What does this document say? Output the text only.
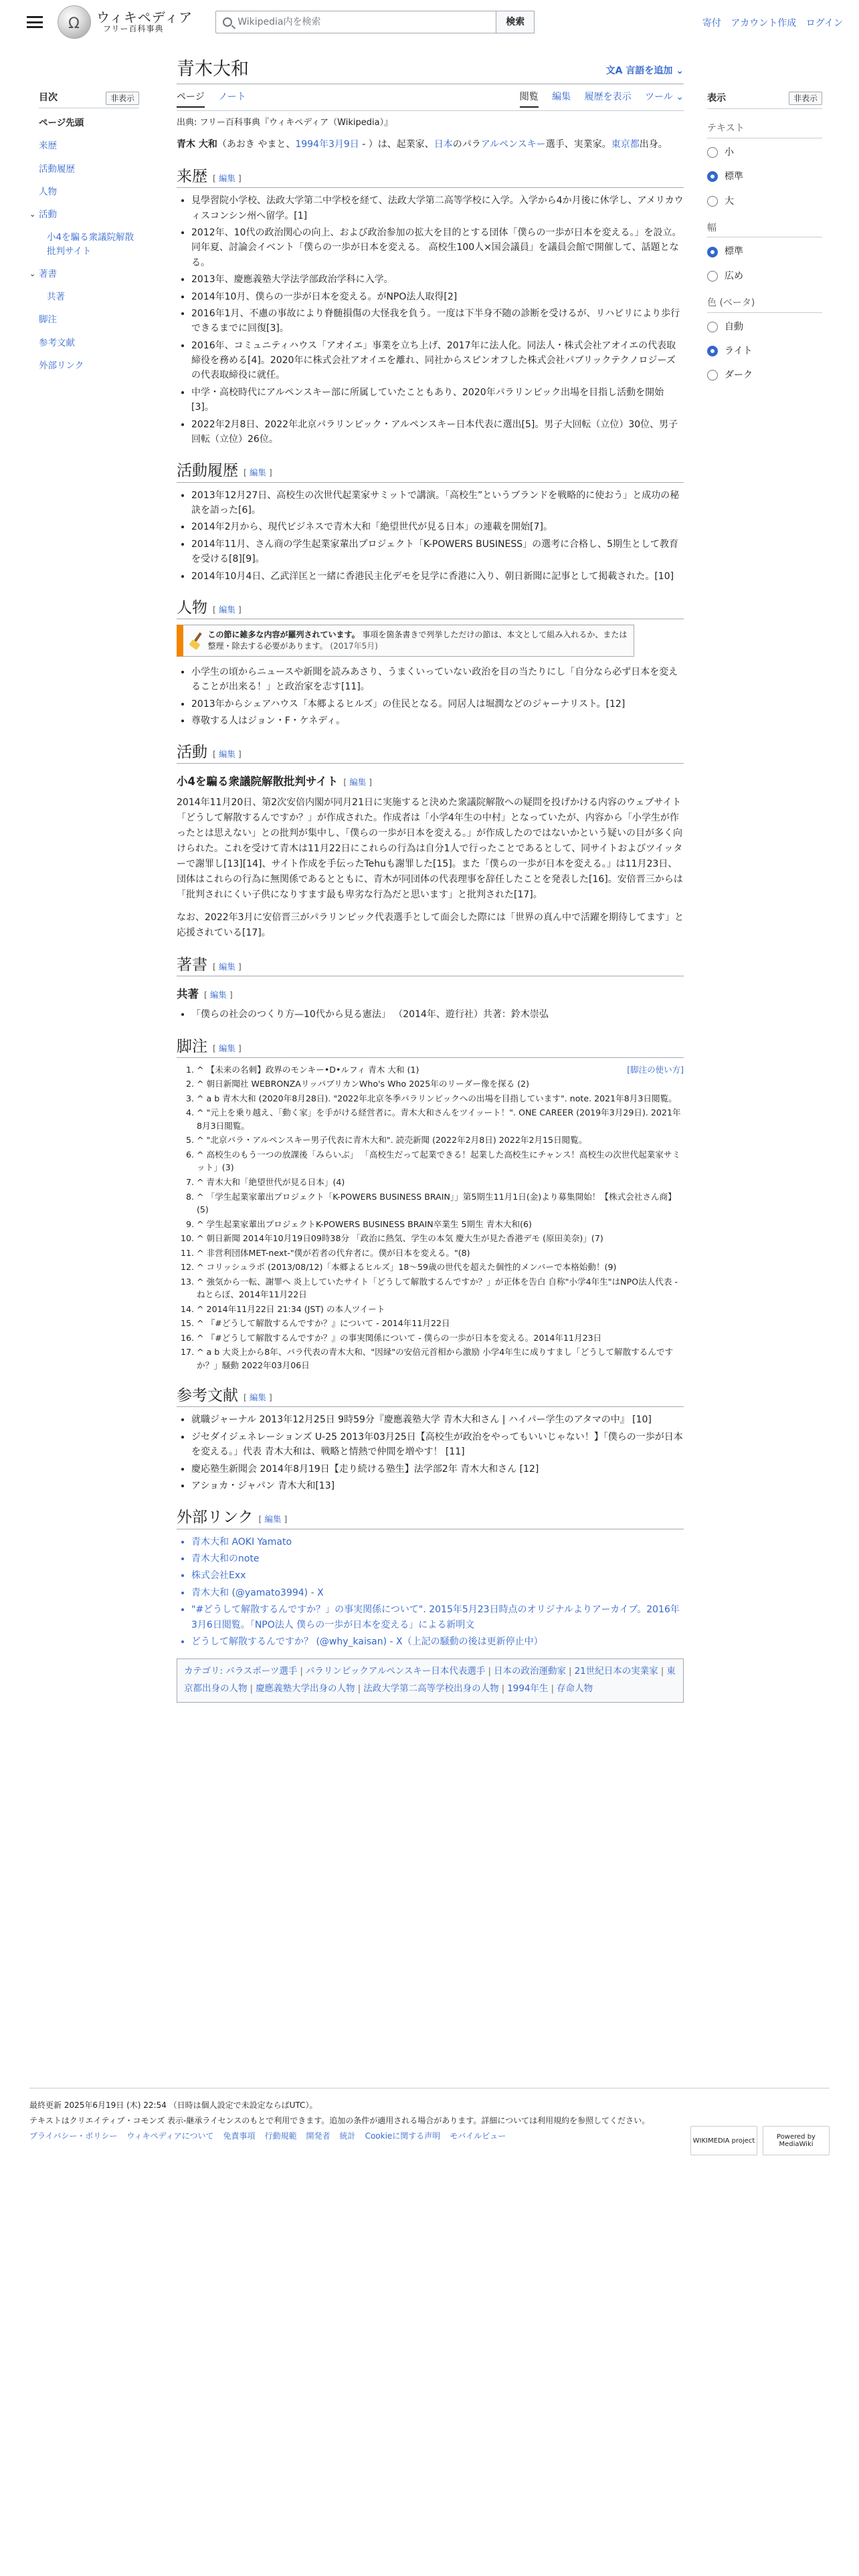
Ω
ウィキペディア
フリー百科事典
Wikipedia内を検索	検索	寄付 アカウント作成 ログイン
目次	非表示
ページ先頭
来歴
活動履歴
人物
⌄ 活動
小4を騙る衆議院解散批判サイト
⌄ 著書
共著
脚注
参考文献
外部リンク
表示	非表示
テキスト
小
標準
大
幅
標準
広め
色 (ベータ)
自動
ライト
ダーク
青木大和	文A 言語を追加 ⌄
ページ ノート	閲覧 編集 履歴を表示 ツール ⌄
出典: フリー百科事典『ウィキペディア（Wikipedia）』

青木 大和（あおき やまと、1994年3月9日 - ）は、起業家、日本のパラアルペンスキー選手、実業家。東京都出身。

来歴 [ 編集 ]
• 見學習院小学校、法政大学第二中学校を経て、法政大学第二高等学校に入学。入学から4か月後に休学し、アメリカウィスコンシン州へ留学。[1]
• 2012年、10代の政治関心の向上、および政治参加の拡大を目的とする団体「僕らの一歩が日本を変える。」を設立。同年夏、討論会イベント「僕らの一歩が日本を変える。 高校生100人×国会議員」を議員会館で開催して、話題となる。
• 2013年、慶應義塾大学法学部政治学科に入学。
• 2014年10月、僕らの一歩が日本を変える。がNPO法人取得[2]
• 2016年1月、不慮の事故により脊髄損傷の大怪我を負う。一度は下半身不随の診断を受けるが、リハビリにより歩行できるまでに回復[3]。
• 2016年、コミュニティハウス「アオイエ」事業を立ち上げ、2017年に法人化。同法人・株式会社アオイエの代表取締役を務める[4]。2020年に株式会社アオイエを離れ、同社からスピンオフした株式会社パブリックテクノロジーズの代表取締役に就任。
• 中学・高校時代にアルペンスキー部に所属していたこともあり、2020年パラリンピック出場を目指し活動を開始[3]。
• 2022年2月8日、2022年北京パラリンピック・アルペンスキー日本代表に選出[5]。男子大回転（立位）30位、男子回転（立位）26位。
活動履歴 [ 編集 ]
• 2013年12月27日、高校生の次世代起業家サミットで講演。「高校生”というブランドを戦略的に使おう」と成功の秘訣を語った[6]。
• 2014年2月から、現代ビジネスで青木大和「絶望世代が見る日本」の連載を開始[7]。
• 2014年11月、さん商の学生起業家輩出プロジェクト「K-POWERS BUSINESS」の選考に合格し、5期生として教育を受ける[8][9]。
• 2014年10月4日、乙武洋匡と一緒に香港民主化デモを見学に香港に入り、朝日新聞に記事として掲載された。[10]
人物 [ 編集 ]
この節に雑多な内容が羅列されています。 事項を箇条書きで列挙しただけの節は、本文として組み入れるか、または整理・除去する必要があります。 (2017年5月)
• 小学生の頃からニュースや新聞を読みあさり、うまくいっていない政治を目の当たりにし「自分なら必ず日本を変えることが出来る！」と政治家を志す[11]。
• 2013年からシェアハウス「本郷よるヒルズ」の住民となる。同居人は堀潤などのジャーナリスト。[12]
• 尊敬する人はジョン・F・ケネディ。
活動 [ 編集 ]
小4を騙る衆議院解散批判サイト [ 編集 ]

2014年11月20日、第2次安倍内閣が同月21日に実施すると決めた衆議院解散への疑問を投げかける内容のウェブサイト「どうして解散するんですか？」が作成された。作成者は「小学4年生の中村」となっていたが、内容から「小学生が作ったとは思えない」との批判が集中し、「僕らの一歩が日本を変える。」が作成したのではないかという疑いの目が多く向けられた。これを受けて青木は11月22日にこれらの行為は自分1人で行ったことであるとして、同サイトおよびツイッターで謝罪し[13][14]、サイト作成を手伝ったTehuも謝罪した[15]。また「僕らの一歩が日本を変える。」は11月23日、団体はこれらの行為に無関係であるとともに、青木が同団体の代表理事を辞任したことを発表した[16]。安倍晋三からは「批判されにくい子供になりすます最も卑劣な行為だと思います」と批判された[17]。

なお、2022年3月に安倍晋三がパラリンピック代表選手として面会した際には「世界の真ん中で活躍を期待してます」と応援されている[17]。

著書 [ 編集 ]
共著 [ 編集 ]
• 「僕らの社会のつくり方—10代から見る憲法」 （2014年、遊行社）共著：鈴木崇弘
脚注 [ 編集 ]
[脚注の使い方]
1. ^ 【未来の名刺】政界のモンキー•D•ルフィ 青木 大和 (1)
2. ^ 朝日新聞社 WEBRONZAリッパブリカンWho's Who 2025年のリーダー像を探る (2)
3. ^ a b 青木大和 (2020年8月28日). "2022年北京冬季パラリンピックへの出場を目指しています". note. 2021年8月3日閲覧。
4. ^ "元上を乗り越え、「動く家」を手がける経営者に。青木大和さんをツイッート！". ONE CAREER (2019年3月29日). 2021年8月3日閲覧。
5. ^ "北京パラ・アルペンスキー男子代表に青木大和". 読売新聞 (2022年2月8日) 2022年2月15日閲覧。
6. ^ 高校生のもう一つの放課後「みらいぶ」 「高校生だって起業できる！起業した高校生にチャンス！高校生の次世代起業家サミット」(3)
7. ^ 青木大和「絶望世代が見る日本」(4)
8. ^ 「学生起業家輩出プロジェクト「K-POWERS BUSINESS BRAIN」」第5期生11月1日(金)より募集開始！【株式会社さん商】(5)
9. ^ 学生起業家輩出プロジェクトK-POWERS BUSINESS BRAIN卒業生 5期生 青木大和(6)
10. ^ 朝日新聞 2014年10月19日09時38分 「政治に熱気、学生の本気 慶大生が見た香港デモ (原田美奈)」(7)
11. ^ 非営利団体MET-next-"僕が若者の代弁者に。僕が日本を変える。"(8)
12. ^ コリッシュラボ (2013/08/12)「本郷よるヒルズ」18〜59歳の世代を超えた個性的メンバーで本格始動！(9)
13. ^ 強気から一転、謝罪へ 炎上していたサイト「どうして解散するんですか？」が正体を告白 自称"小学4年生"はNPO法人代表 - ねとらぼ、2014年11月22日
14. ^ 2014年11月22日 21:34 (JST) の本人ツイート
15. ^ 『#どうして解散するんですか？』について - 2014年11月22日
16. ^ 『#どうして解散するんですか？』の事実関係について - 僕らの一歩が日本を変える。2014年11月23日
17. ^ a b 大炎上から8年、パラ代表の青木大和、"因縁"の安倍元首相から激励 小学4年生に成りすまし「どうして解散するんですか？」騒動 2022年03月06日
参考文献 [ 編集 ]
• 就職ジャーナル 2013年12月25日 9時59分『慶應義塾大学 青木大和さん | ハイパー学生のアタマの中』 [10]
• ジセダイジェネレーションズ U-25 2013年03月25日【高校生が政治をやってもいいじゃない！】「僕らの一歩が日本を変える。」代表 青木大和は、戦略と情熱で仲間を増やす！ [11]
• 慶応塾生新聞会 2014年8月19日【走り続ける塾生】法学部2年 青木大和さん [12]
• アショカ・ジャパン 青木大和[13]
外部リンク [ 編集 ]
• 青木大和 AOKI Yamato
• 青木大和のnote
• 株式会社Exx
• 青木大和 (@yamato3994) - X
• "#どうして解散するんですか？」の事実関係について". 2015年5月23日時点のオリジナルよりアーカイブ。2016年3月6日閲覧。「NPO法人 僕らの一歩が日本を変える」による新明文
• どうして解散するんですか？ (@why_kaisan) - X（上記の騒動の後は更新停止中）
カテゴリ: パラスポーツ選手 | パラリンピックアルペンスキー日本代表選手 | 日本の政治運動家 | 21世紀日本の実業家 | 東京都出身の人物 | 慶應義塾大学出身の人物 | 法政大学第二高等学校出身の人物 | 1994年生 | 存命人物
最終更新 2025年6月19日 (木) 22:54 （日時は個人設定で未設定ならばUTC）。
テキストはクリエイティブ・コモンズ 表示-継承ライセンスのもとで利用できます。追加の条件が適用される場合があります。詳細については利用規約を参照してください。
プライバシー・ポリシー ウィキペディアについて 免責事項 行動規範 開発者 統計 Cookieに関する声明 モバイルビュー
WIKIMEDIA project	Powered by MediaWiki
